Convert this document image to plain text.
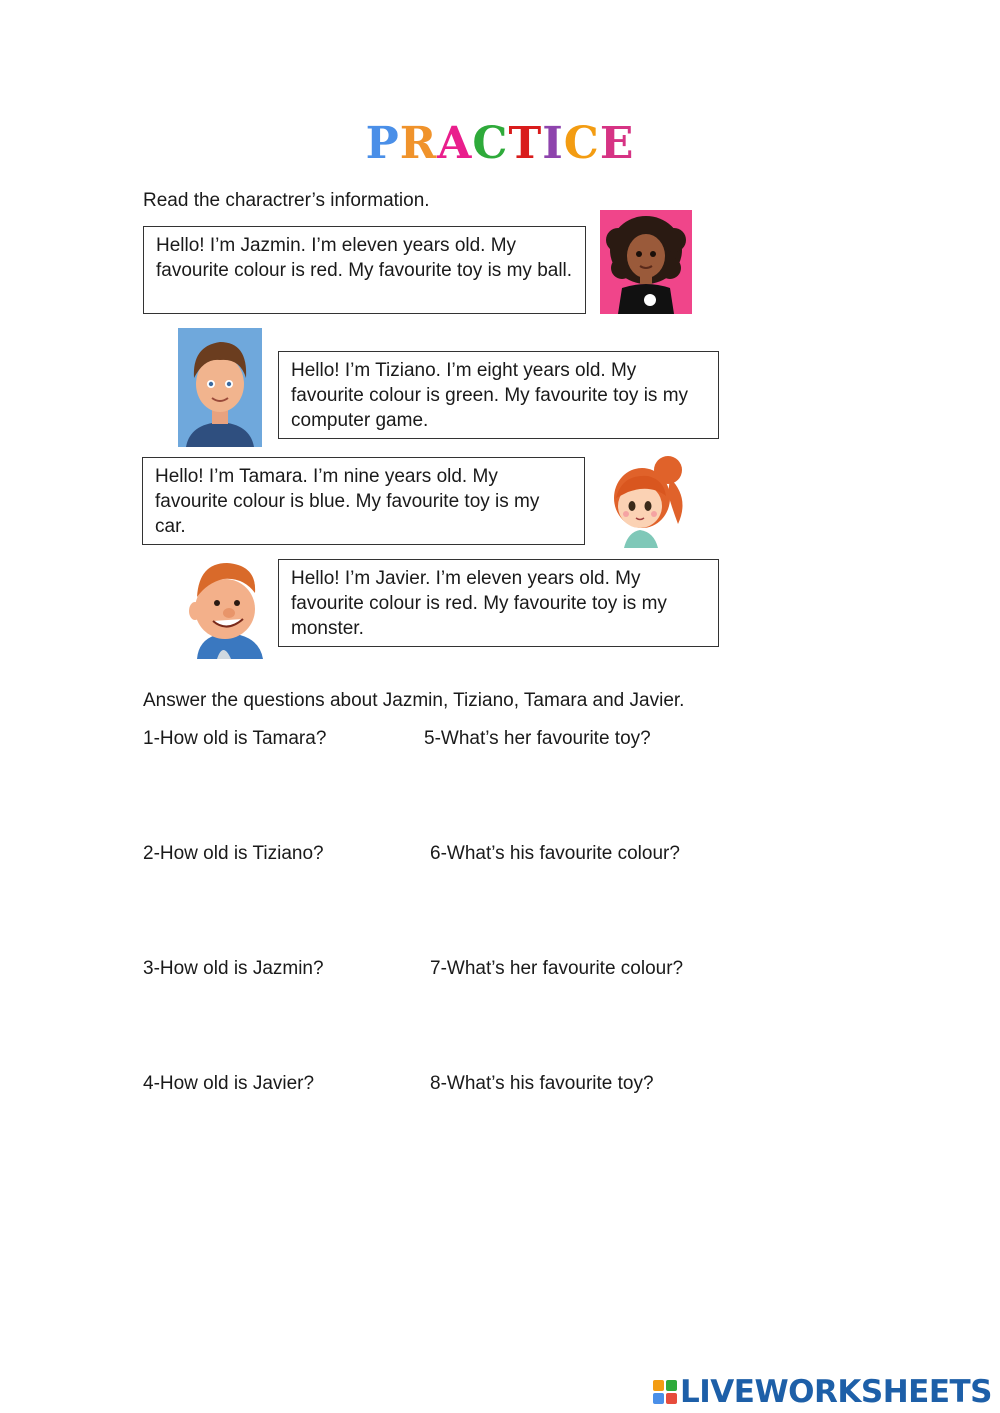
PRACTICE
Read the charactrer’s information.
Hello! I’m Jazmin. I’m eleven years old. My favourite colour is red. My favourite toy is my ball.
Hello! I’m Tiziano. I’m eight years old. My favourite colour is green. My favourite toy is my computer game.
Hello! I’m Tamara. I’m nine years old. My favourite colour is blue. My favourite toy is my car.
Hello! I’m Javier. I’m eleven years old. My favourite colour is red. My favourite toy is my monster.
Answer the questions about Jazmin, Tiziano, Tamara and Javier.
1-How old is Tamara?
2-How old is Tiziano?
3-How old is Jazmin?
4-How old is Javier?
5-What’s her favourite toy?
6-What’s his favourite colour?
7-What’s her favourite colour?
8-What’s his favourite toy?
LIVEWORKSHEETS
